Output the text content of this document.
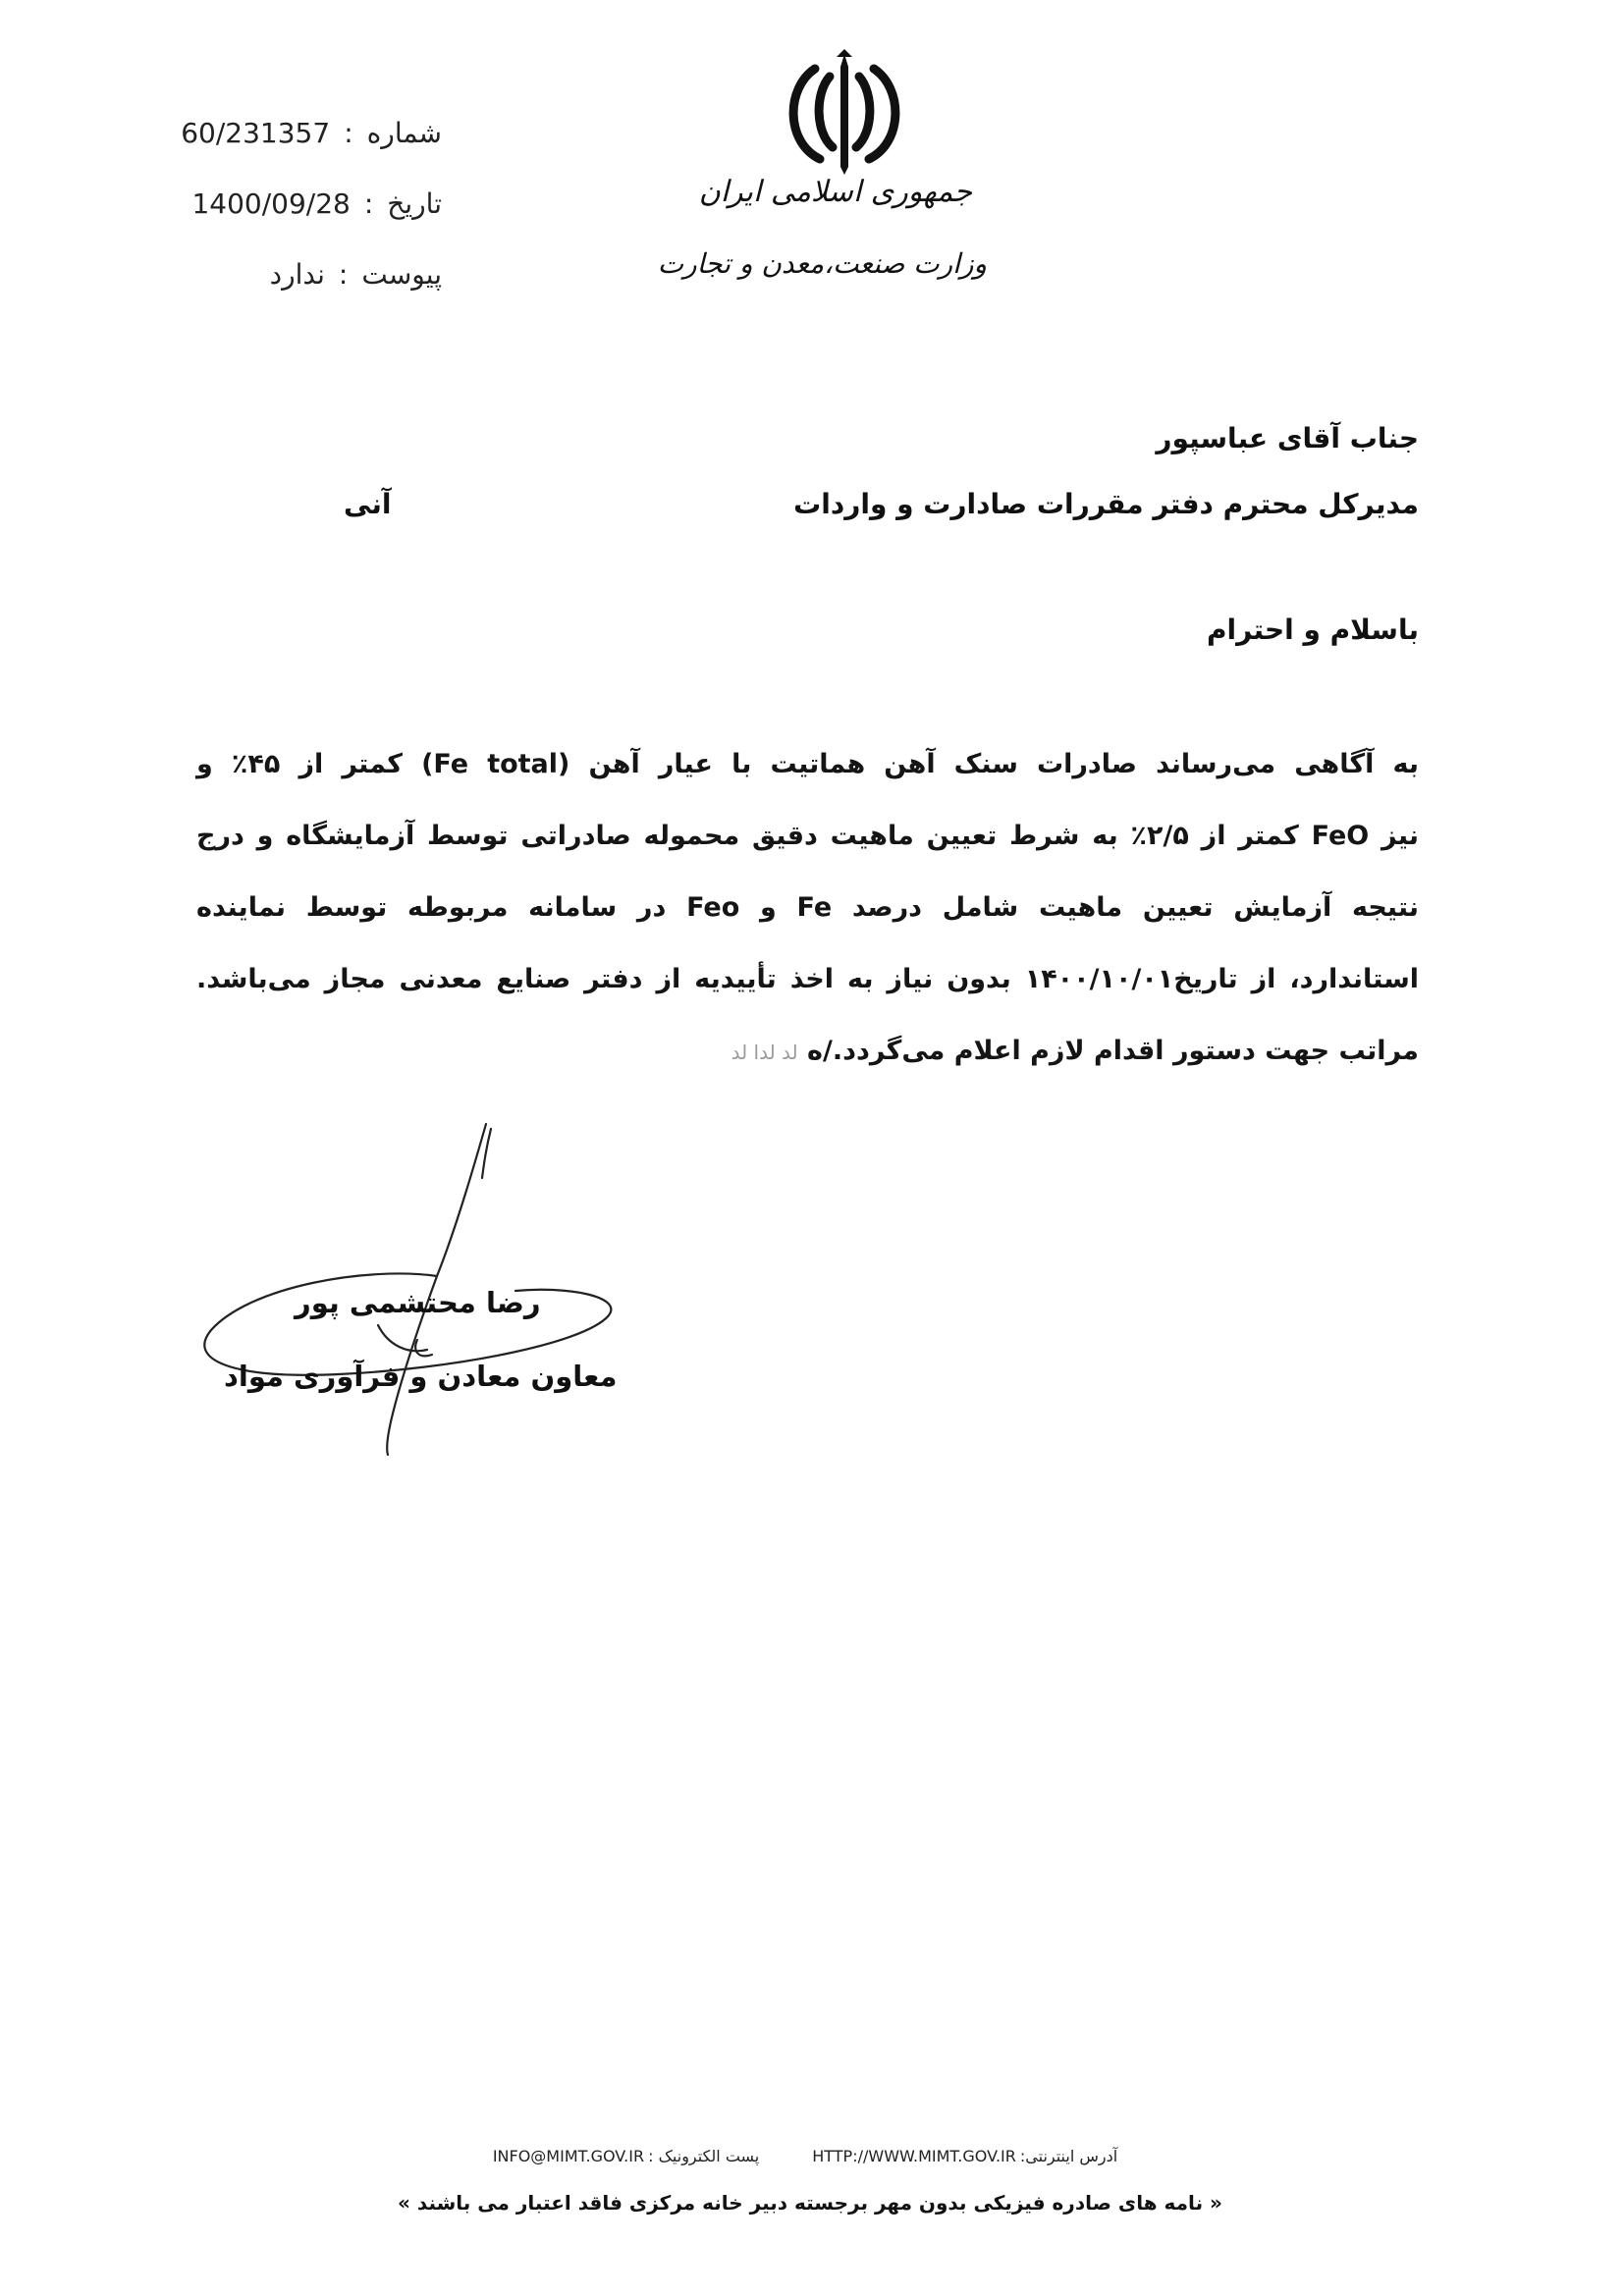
شماره
:
60/231357
تاریخ
:
1400/09/28
پیوست
:
ندارد
جمهوری اسلامی ایران
وزارت صنعت،معدن و تجارت
جناب آقای عباسپور
مدیرکل محترم دفتر مقررات صادارت و واردات
آنی
باسلام و احترام
به آگاهی می‌رساند صادرات سنک آهن هماتیت با عیار آهن (Fe total) کمتر از ۴۵٪ و
نیز FeO کمتر از ۲/۵٪ به شرط تعیین ماهیت دقیق محموله صادراتی توسط آزمایشگاه و درج
نتیجه آزمایش تعیین ماهیت شامل درصد Fe و Feo در سامانه مربوطه توسط نماینده
استاندارد، از تاریخ۱۴۰۰/۱۰/۰۱ بدون نیاز به اخذ تأییدیه از دفتر صنایع معدنی مجاز می‌باشد.
مراتب جهت دستور اقدام لازم اعلام می‌گردد./ه لد لدا لد
رضا محتشمی پور
معاون معادن و فرآوری مواد
آدرس اینترنتی:
HTTP://WWW.MIMT.GOV.IR
پست الکترونیک :
INFO@MIMT.GOV.IR
« نامه های صادره فیزیکی بدون مهر برجسته دبیر خانه مرکزی فاقد اعتبار می باشند »
